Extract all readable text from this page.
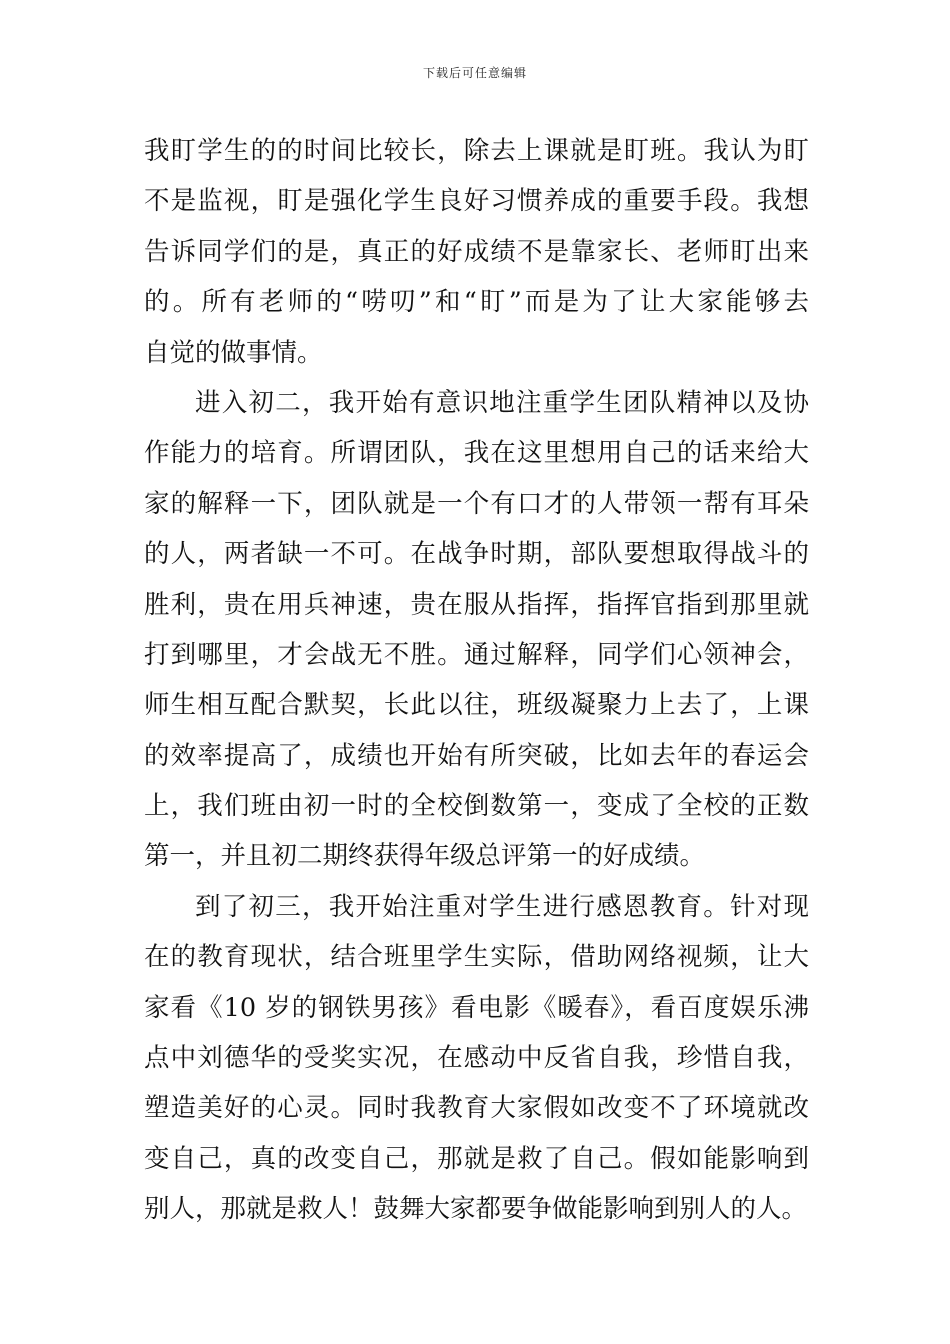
下载后可任意编辑
我盯学生的的时间比较长，除去上课就是盯班。我认为盯
不是监视，盯是强化学生良好习惯养成的重要手段。我想
告诉同学们的是，真正的好成绩不是靠家长、老师盯出来
的。所有老师的“唠叨”和“盯”而是为了让大家能够去
自觉的做事情。
进入初二，我开始有意识地注重学生团队精神以及协
作能力的培育。所谓团队，我在这里想用自己的话来给大
家的解释一下，团队就是一个有口才的人带领一帮有耳朵
的人，两者缺一不可。在战争时期，部队要想取得战斗的
胜利，贵在用兵神速，贵在服从指挥，指挥官指到那里就
打到哪里，才会战无不胜。通过解释，同学们心领神会，
师生相互配合默契，长此以往，班级凝聚力上去了，上课
的效率提高了，成绩也开始有所突破，比如去年的春运会
上，我们班由初一时的全校倒数第一，变成了全校的正数
第一，并且初二期终获得年级总评第一的好成绩。
到了初三，我开始注重对学生进行感恩教育。针对现
在的教育现状，结合班里学生实际，借助网络视频，让大
家看《10 岁的钢铁男孩》看电影《暖春》，看百度娱乐沸
点中刘德华的受奖实况，在感动中反省自我，珍惜自我，
塑造美好的心灵。同时我教育大家假如改变不了环境就改
变自己，真的改变自己，那就是救了自己。假如能影响到
别人，那就是救人！鼓舞大家都要争做能影响到别人的人。
